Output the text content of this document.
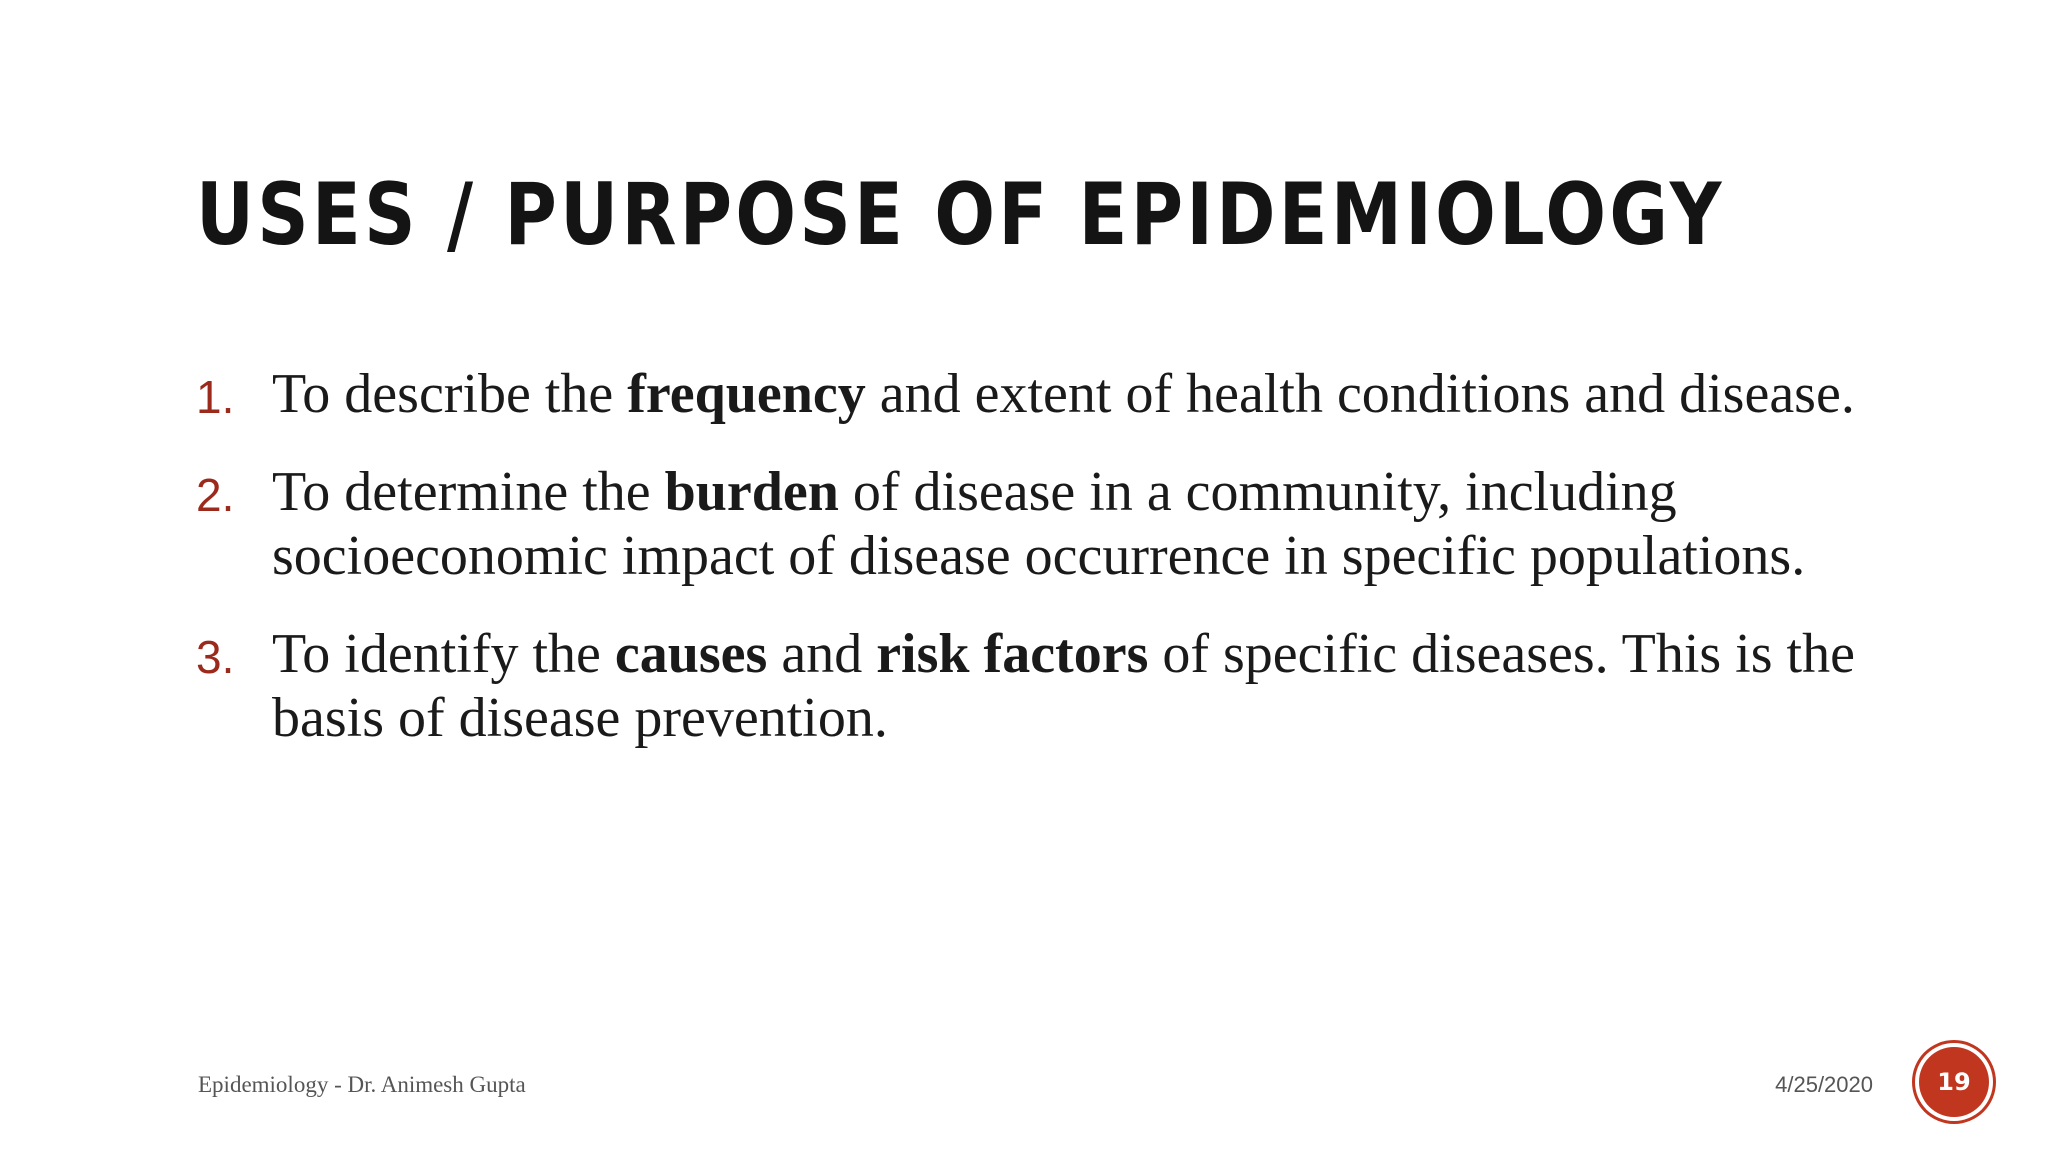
USES / PURPOSE OF EPIDEMIOLOGY
1. To describe the frequency and extent of health conditions and disease.
2. To determine the burden of disease in a community, including socioeconomic impact of disease occurrence in specific populations.
3. To identify the causes and risk factors of specific diseases. This is the basis of disease prevention.
Epidemiology - Dr. Animesh Gupta	4/25/2020	19
